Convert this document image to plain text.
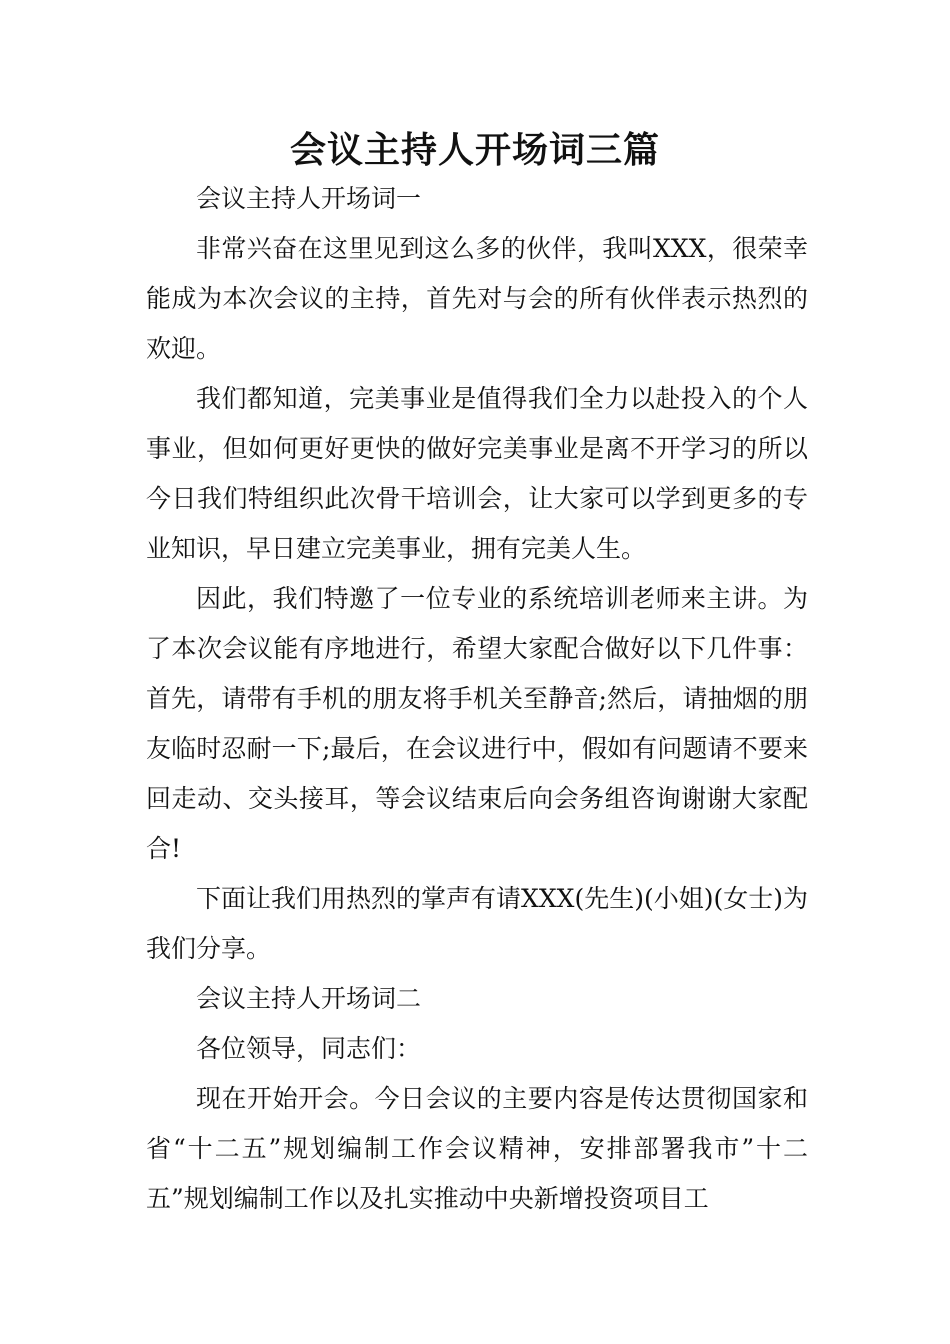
会议主持人开场词三篇

会议主持人开场词一

非常兴奋在这里见到这么多的伙伴，我叫XXX，很荣幸能成为本次会议的主持，首先对与会的所有伙伴表示热烈的欢迎。

我们都知道，完美事业是值得我们全力以赴投入的个人事业，但如何更好更快的做好完美事业是离不开学习的所以今日我们特组织此次骨干培训会，让大家可以学到更多的专业知识，早日建立完美事业，拥有完美人生。

因此，我们特邀了一位专业的系统培训老师来主讲。为了本次会议能有序地进行，希望大家配合做好以下几件事：首先，请带有手机的朋友将手机关至静音;然后，请抽烟的朋友临时忍耐一下;最后，在会议进行中，假如有问题请不要来回走动、交头接耳，等会议结束后向会务组咨询谢谢大家配合!

下面让我们用热烈的掌声有请XXX(先生)(小姐)(女士)为我们分享。

会议主持人开场词二

各位领导，同志们：

现在开始开会。今日会议的主要内容是传达贯彻国家和省“十二五”规划编制工作会议精神，安排部署我市”十二五”规划编制工作以及扎实推动中央新增投资项目工
